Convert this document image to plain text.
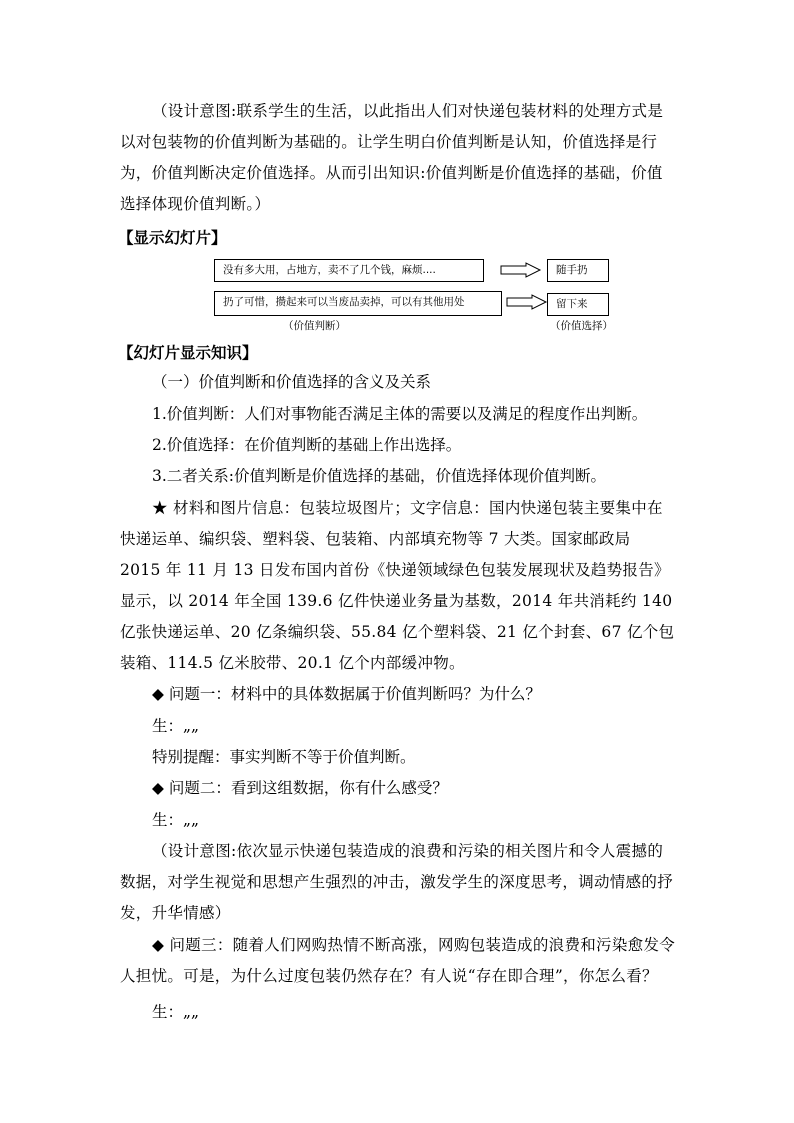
（设计意图:联系学生的生活，以此指出人们对快递包装材料的处理方式是以对包装物的价值判断为基础的。让学生明白价值判断是认知，价值选择是行为，价值判断决定价值选择。从而引出知识:价值判断是价值选择的基础，价值选择体现价值判断。）
【显示幻灯片】
没有多大用，占地方，卖不了几个钱，麻烦....	随手扔
扔了可惜，攒起来可以当废品卖掉，可以有其他用处	留下来
（价值判断）	（价值选择）
【幻灯片显示知识】
（一）价值判断和价值选择的含义及关系
1.价值判断：人们对事物能否满足主体的需要以及满足的程度作出判断。
2.价值选择：在价值判断的基础上作出选择。
3.二者关系:价值判断是价值选择的基础，价值选择体现价值判断。
★ 材料和图片信息：包装垃圾图片；文字信息：国内快递包装主要集中在快递运单、编织袋、塑料袋、包装箱、内部填充物等 7 大类。国家邮政局 2015 年 11 月 13 日发布国内首份《快递领域绿色包装发展现状及趋势报告》显示，以 2014 年全国 139.6 亿件快递业务量为基数，2014 年共消耗约 140 亿张快递运单、20 亿条编织袋、55.84 亿个塑料袋、21 亿个封套、67 亿个包装箱、114.5 亿米胶带、20.1 亿个内部缓冲物。
◆ 问题一：材料中的具体数据属于价值判断吗？为什么？
生：„„
特别提醒：事实判断不等于价值判断。
◆ 问题二：看到这组数据，你有什么感受？
生：„„
（设计意图:依次显示快递包装造成的浪费和污染的相关图片和令人震撼的数据，对学生视觉和思想产生强烈的冲击，激发学生的深度思考，调动情感的抒发，升华情感）
◆ 问题三：随着人们网购热情不断高涨，网购包装造成的浪费和污染愈发令人担忧。可是，为什么过度包装仍然存在？有人说“存在即合理”，你怎么看？
生：„„
